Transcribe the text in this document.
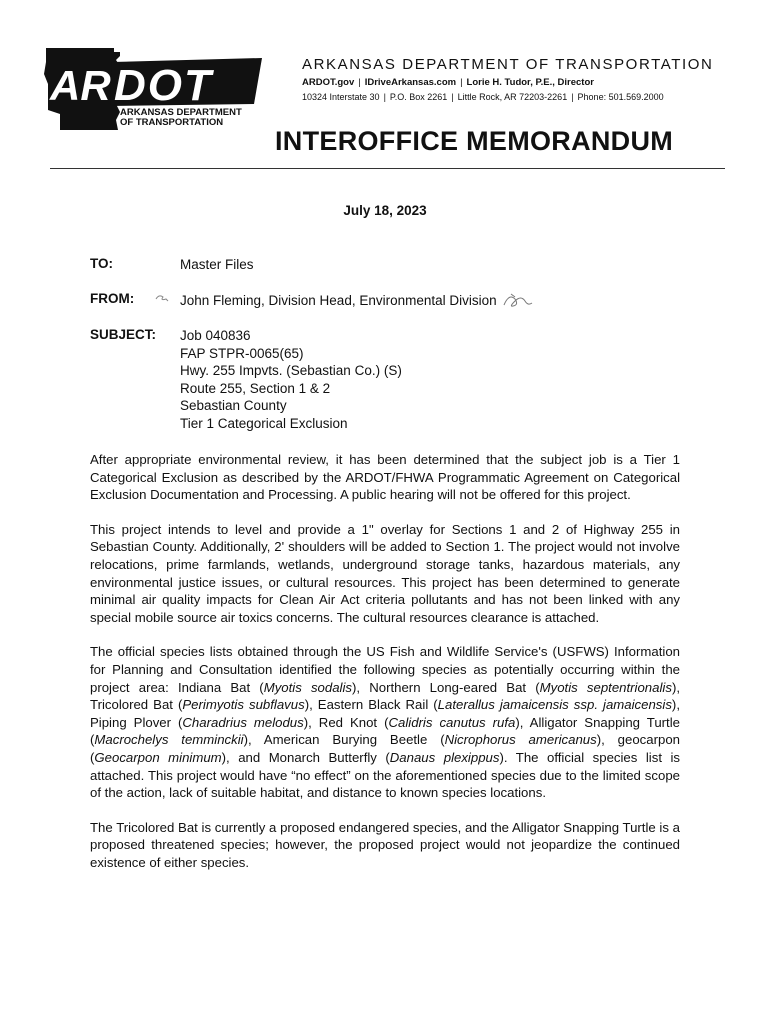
AR DOT
ARKANSAS DEPARTMENT
OF TRANSPORTATION
ARKANSAS DEPARTMENT OF TRANSPORTATION
ARDOT.gov | IDriveArkansas.com | Lorie H. Tudor, P.E., Director
10324 Interstate 30 | P.O. Box 2261 | Little Rock, AR 72203-2261 | Phone: 501.569.2000
INTEROFFICE MEMORANDUM
July 18, 2023
TO:	Master Files
FROM:	John Fleming, Division Head, Environmental Division
SUBJECT: Job 040836
FAP STPR-0065(65)
Hwy. 255 Impvts. (Sebastian Co.) (S)
Route 255, Section 1 & 2
Sebastian County
Tier 1 Categorical Exclusion

After appropriate environmental review, it has been determined that the subject job is a Tier 1 Categorical Exclusion as described by the ARDOT/FHWA Programmatic Agreement on Categorical Exclusion Documentation and Processing. A public hearing will not be offered for this project.

This project intends to level and provide a 1" overlay for Sections 1 and 2 of Highway 255 in Sebastian County. Additionally, 2' shoulders will be added to Section 1. The project would not involve relocations, prime farmlands, wetlands, underground storage tanks, hazardous materials, any environmental justice issues, or cultural resources. This project has been determined to generate minimal air quality impacts for Clean Air Act criteria pollutants and has not been linked with any special mobile source air toxics concerns. The cultural resources clearance is attached.

The official species lists obtained through the US Fish and Wildlife Service's (USFWS) Information for Planning and Consultation identified the following species as potentially occurring within the project area: Indiana Bat (Myotis sodalis), Northern Long-eared Bat (Myotis septentrionalis), Tricolored Bat (Perimyotis subflavus), Eastern Black Rail (Laterallus jamaicensis ssp. jamaicensis), Piping Plover (Charadrius melodus), Red Knot (Calidris canutus rufa), Alligator Snapping Turtle (Macrochelys temminckii), American Burying Beetle (Nicrophorus americanus), geocarpon (Geocarpon minimum), and Monarch Butterfly (Danaus plexippus). The official species list is attached. This project would have “no effect” on the aforementioned species due to the limited scope of the action, lack of suitable habitat, and distance to known species locations.

The Tricolored Bat is currently a proposed endangered species, and the Alligator Snapping Turtle is a proposed threatened species; however, the proposed project would not jeopardize the continued existence of either species.
